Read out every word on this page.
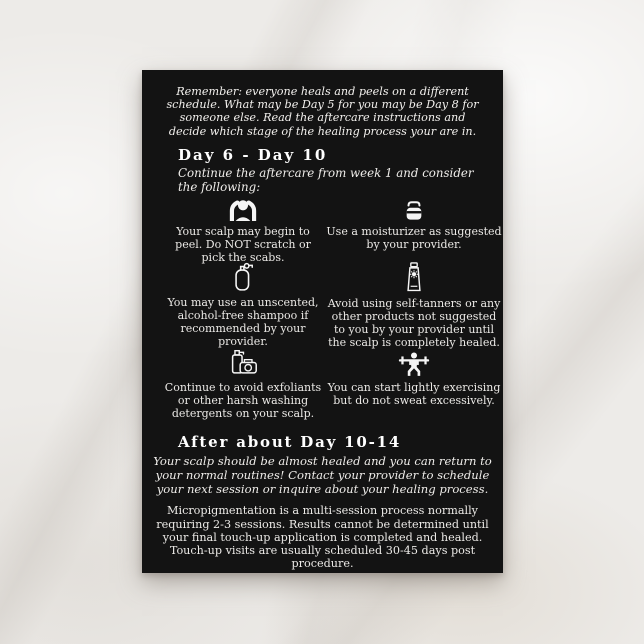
Remember: everyone heals and peels on a different schedule. What may be Day 5 for you may be Day 8 for someone else. Read the aftercare instructions and decide which stage of the healing process your are in.
Day 6 - Day 10
Continue the aftercare from week 1 and consider the following:
Your scalp may begin to peel. Do NOT scratch or pick the scabs.
Use a moisturizer as suggested by your provider.
You may use an unscented, alcohol-free shampoo if recommended by your provider.
Avoid using self-tanners or any other products not suggested to you by your provider until the scalp is completely healed.
Continue to avoid exfoliants or other harsh washing detergents on your scalp.
You can start lightly exercising but do not sweat excessively.
After about Day 10-14
Your scalp should be almost healed and you can return to your normal routines! Contact your provider to schedule your next session or inquire about your healing process.
Micropigmentation is a multi-session process normally requiring 2-3 sessions. Results cannot be determined until your final touch-up application is completed and healed. Touch-up visits are usually scheduled 30-45 days post procedure.
